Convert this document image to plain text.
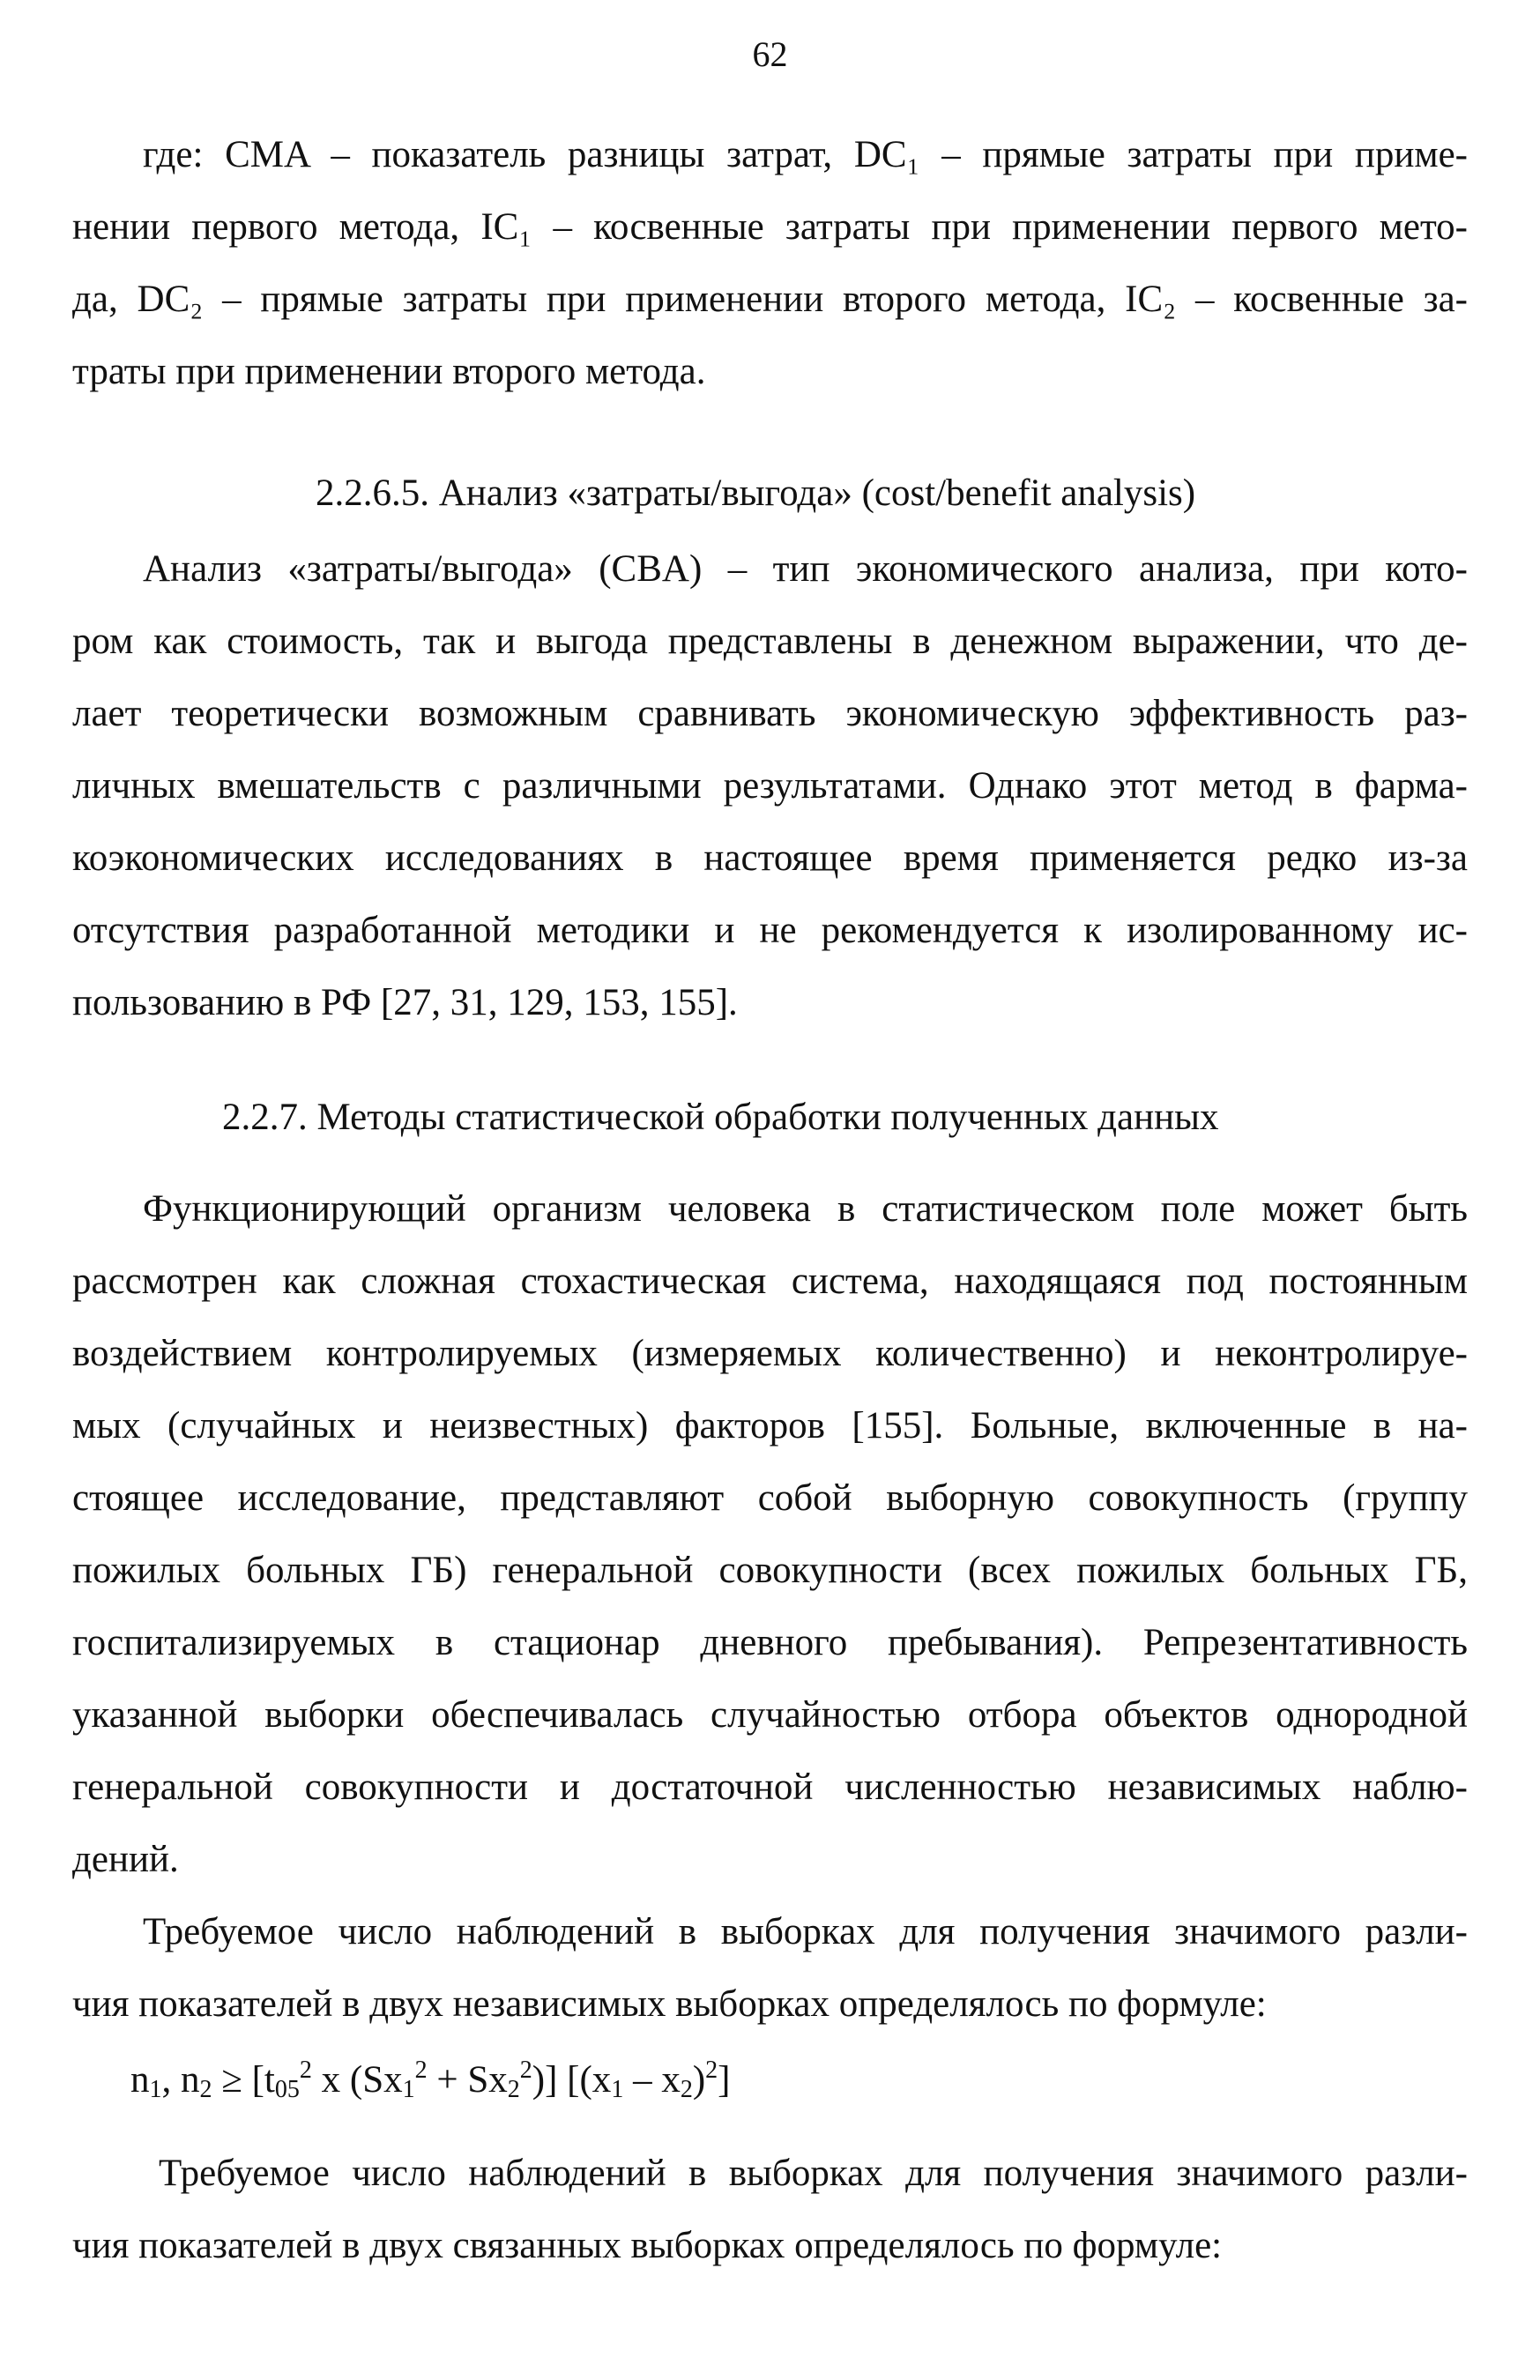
62
где: CMA – показатель разницы затрат, DC₁ – прямые затраты при приме-
нении первого метода, IC₁ – косвенные затраты при применении первого мето-
да, DC₂ – прямые затраты при применении второго метода, IC₂ – косвенные за-
траты при применении второго метода.
2.2.6.5. Анализ «затраты/выгода» (cost/benefit analysis)
Анализ «затраты/выгода» (CBA) – тип экономического анализа, при кото-
ром как стоимость, так и выгода представлены в денежном выражении, что де-
лает теоретически возможным сравнивать экономическую эффективность раз-
личных вмешательств с различными результатами. Однако этот метод в фарма-
коэкономических исследованиях в настоящее время применяется редко из-за
отсутствия разработанной методики и не рекомендуется к изолированному ис-
пользованию в РФ [27, 31, 129, 153, 155].
2.2.7. Методы статистической обработки полученных данных
Функционирующий организм человека в статистическом поле может быть
рассмотрен как сложная стохастическая система, находящаяся под постоянным
воздействием контролируемых (измеряемых количественно) и неконтролируе-
мых (случайных и неизвестных) факторов [155]. Больные, включенные в на-
стоящее исследование, представляют собой выборную совокупность (группу
пожилых больных ГБ) генеральной совокупности (всех пожилых больных ГБ,
госпитализируемых в стационар дневного пребывания). Репрезентативность
указанной выборки обеспечивалась случайностью отбора объектов однородной
генеральной совокупности и достаточной численностью независимых наблю-
дений.
Требуемое число наблюдений в выборках для получения значимого разли-
чия показателей в двух независимых выборках определялось по формуле:
$n_1$, $n_2 \ge [t_{05}^2$ x $(Sx_1^2 + Sx_2^2)$] $[(x_1 - x_2)^2]$
Требуемое число наблюдений в выборках для получения значимого разли-
чия показателей в двух связанных выборках определялось по формуле:
